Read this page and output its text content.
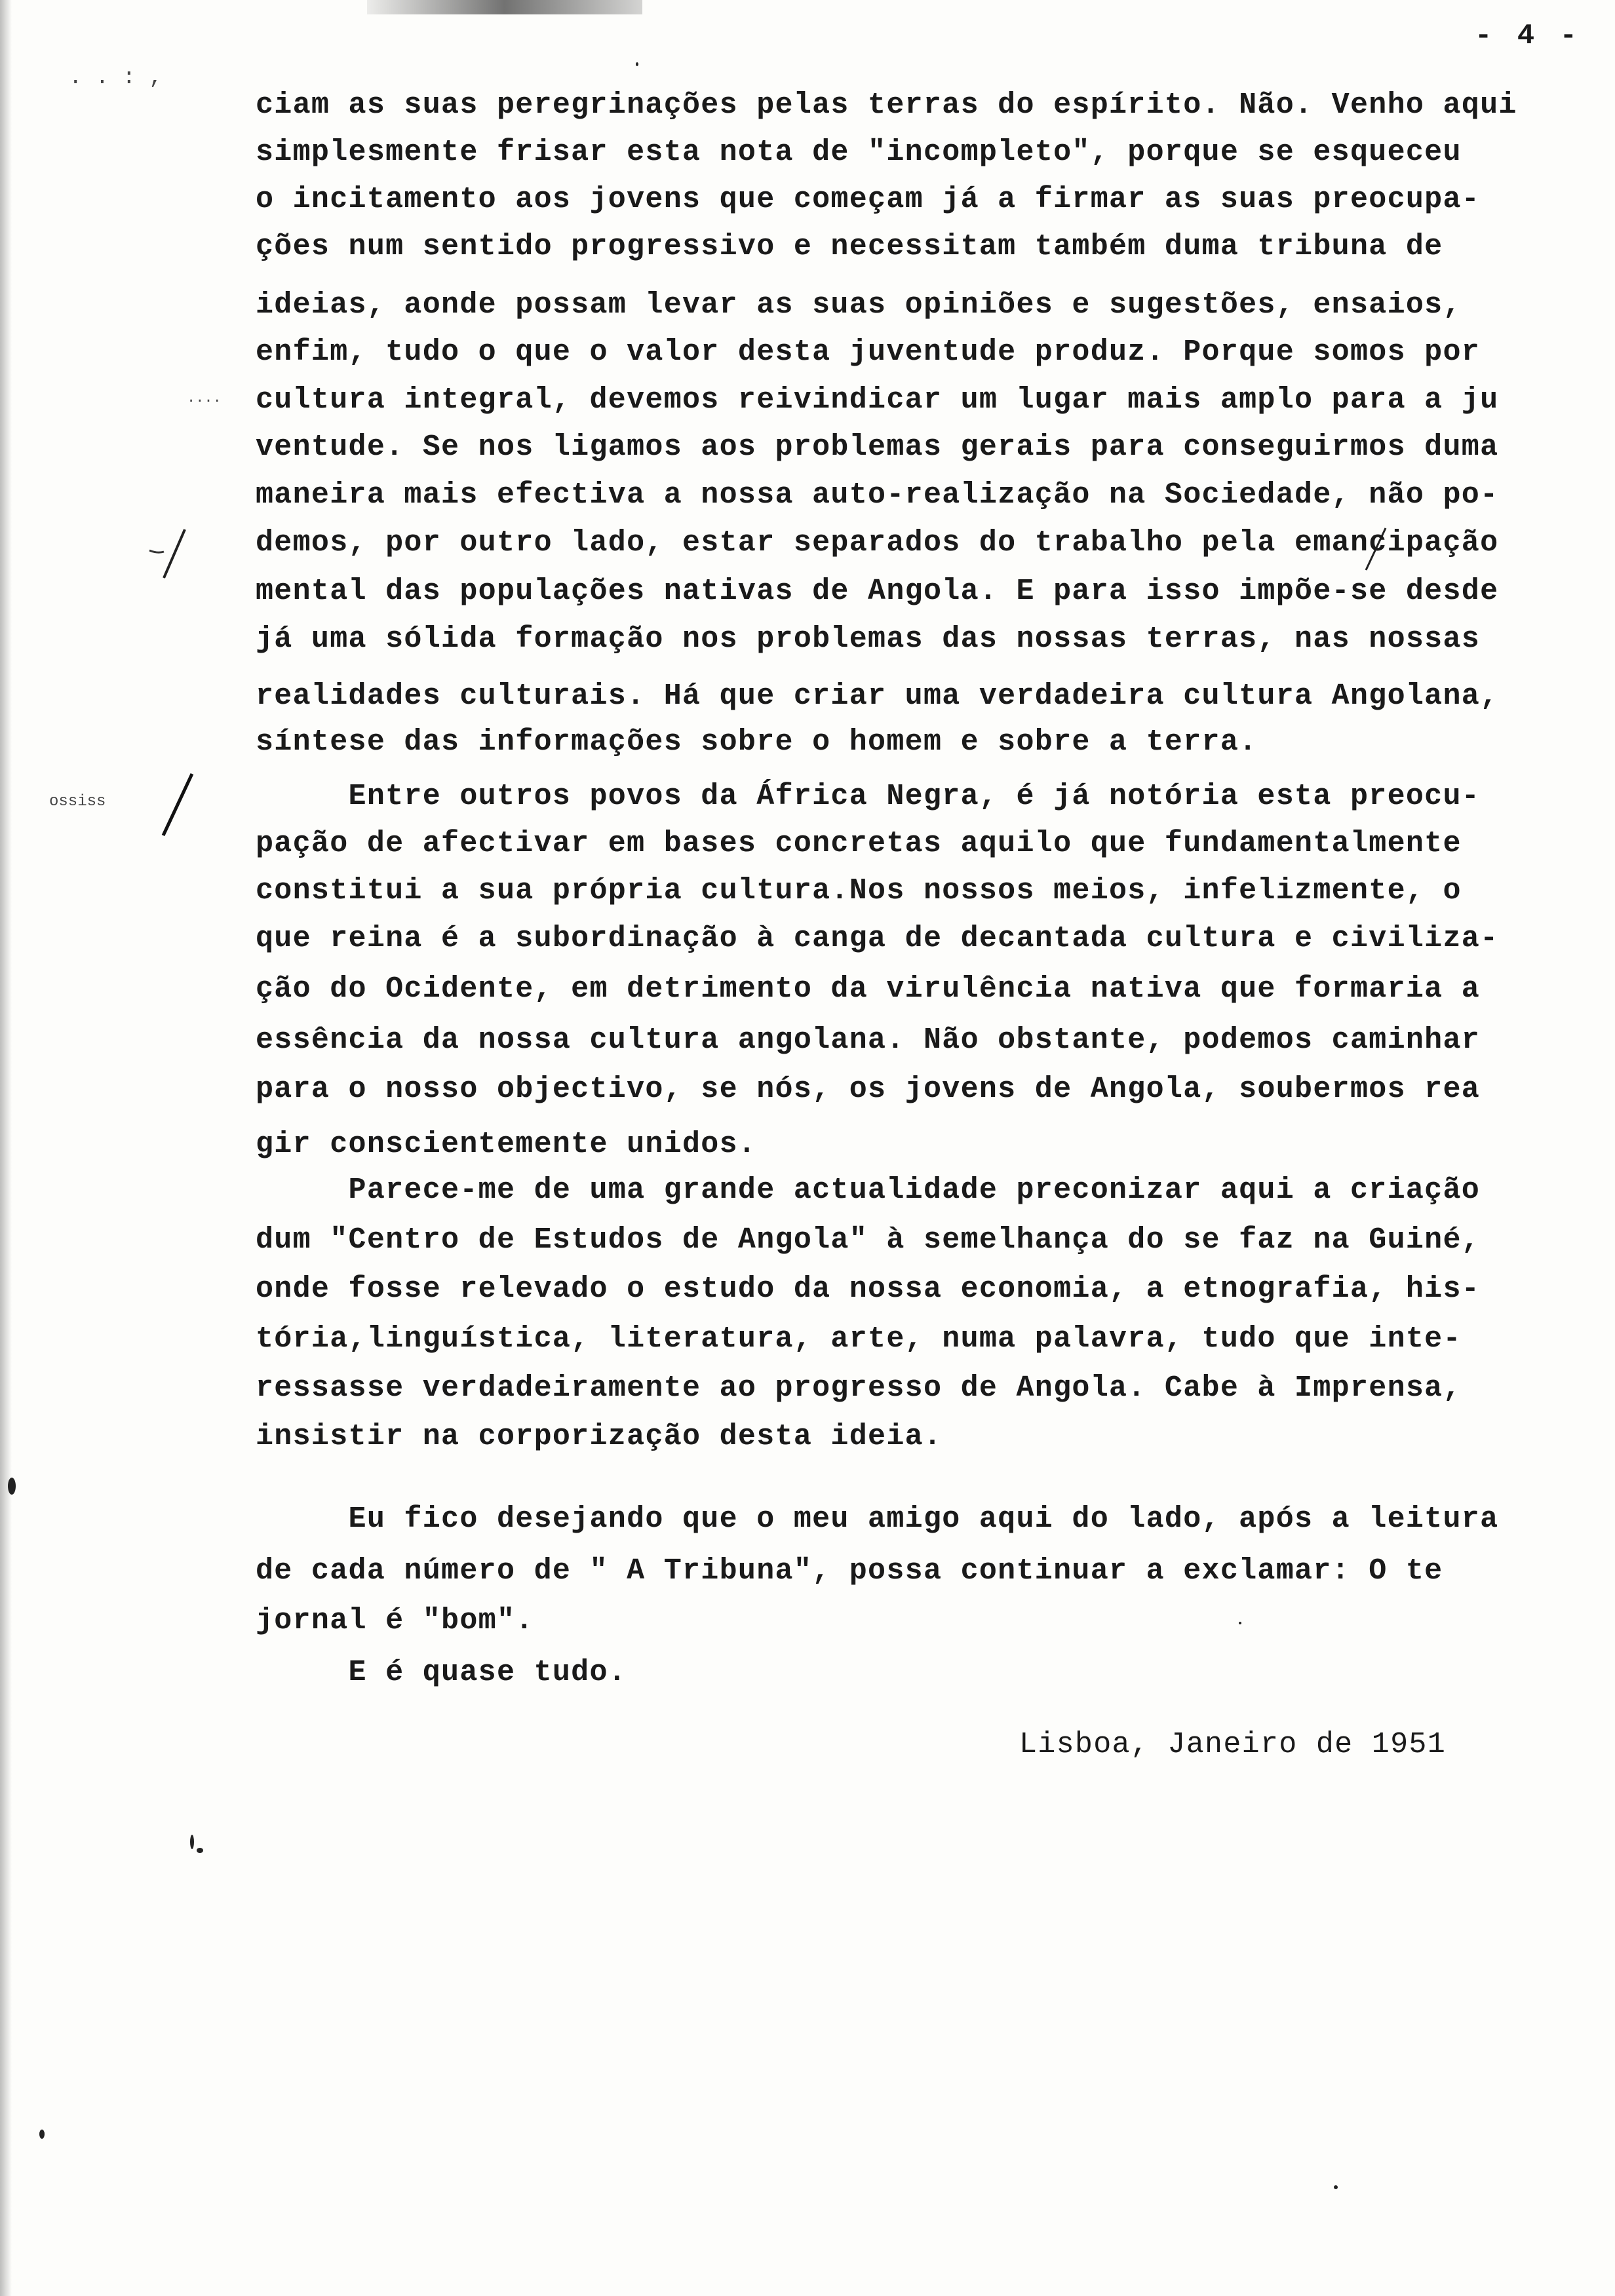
- 4 -
. . : ,
....
ossiss
ciam as suas peregrinações pelas terras do espírito. Não. Venho aqui
simplesmente frisar esta nota de "incompleto", porque se esqueceu
o incitamento aos jovens que começam já a firmar as suas preocupa-
ções num sentido progressivo e necessitam também duma tribuna de
ideias, aonde possam levar as suas opiniões e sugestões, ensaios,
enfim, tudo o que o valor desta juventude produz. Porque somos por
cultura integral, devemos reivindicar um lugar mais amplo para a ju
ventude. Se nos ligamos aos problemas gerais para conseguirmos duma
maneira mais efectiva a nossa auto-realização na Sociedade, não po-
demos, por outro lado, estar separados do trabalho pela emancipação
mental das populações nativas de Angola. E para isso impõe-se desde
já uma sólida formação nos problemas das nossas terras, nas nossas
realidades culturais. Há que criar uma verdadeira cultura Angolana,
síntese das informações sobre o homem e sobre a terra.
Entre outros povos da África Negra, é já notória esta preocu-
pação de afectivar em bases concretas aquilo que fundamentalmente
constitui a sua própria cultura.Nos nossos meios, infelizmente, o
que reina é a subordinação à canga de decantada cultura e civiliza-
ção do Ocidente, em detrimento da virulência nativa que formaria a
essência da nossa cultura angolana. Não obstante, podemos caminhar
para o nosso objectivo, se nós, os jovens de Angola, soubermos rea
gir conscientemente unidos.
Parece-me de uma grande actualidade preconizar aqui a criação
dum "Centro de Estudos de Angola" à semelhança do se faz na Guiné,
onde fosse relevado o estudo da nossa economia, a etnografia, his-
tória,linguística, literatura, arte, numa palavra, tudo que inte-
ressasse verdadeiramente ao progresso de Angola. Cabe à Imprensa,
insistir na corporização desta ideia.
Eu fico desejando que o meu amigo aqui do lado, após a leitura
de cada número de " A Tribuna", possa continuar a exclamar: O te
jornal é "bom".
E é quase tudo.
Lisboa, Janeiro de 1951
